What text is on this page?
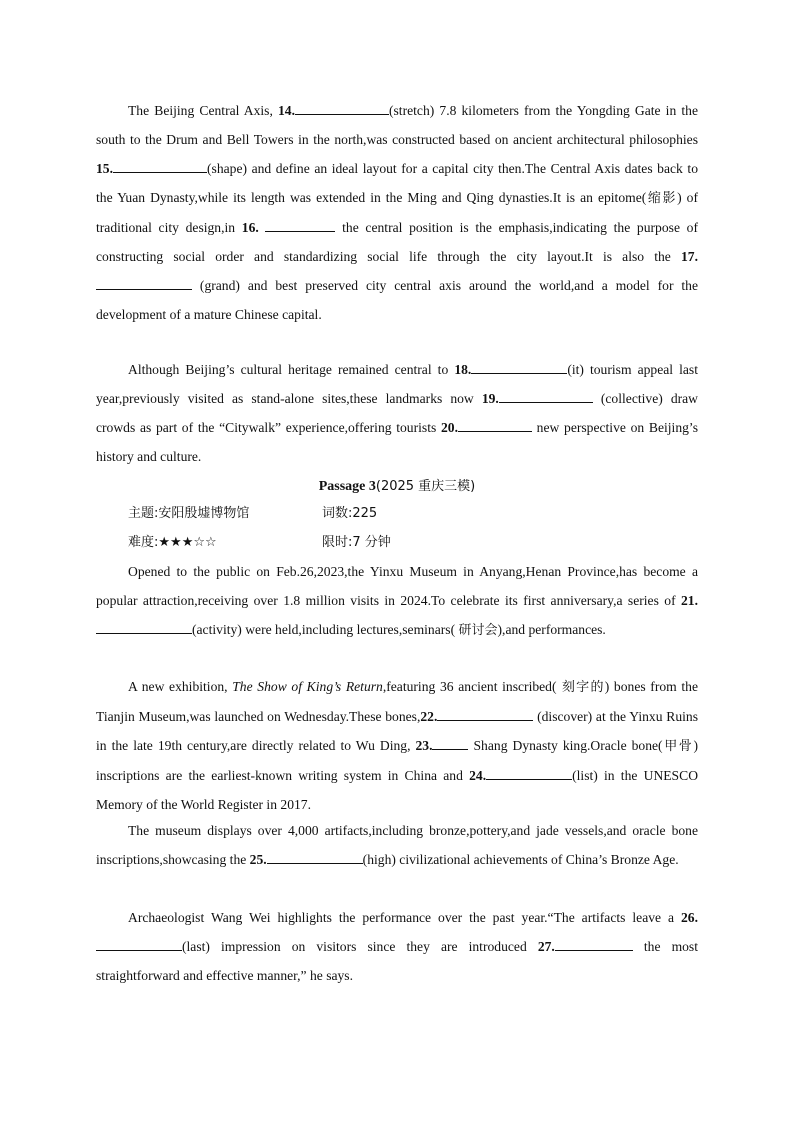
The Beijing Central Axis, 14.	(stretch) 7.8 kilometers from the Yongding Gate in the south to the Drum and Bell Towers in the north,was constructed based on ancient architectural philosophies 15.	(shape) and define an ideal layout for a capital city then.The Central Axis dates back to the Yuan Dynasty,while its length was extended in the Ming and Qing dynasties.It is an epitome(缩影) of traditional city design,in 16.	the central position is the emphasis,indicating the purpose of constructing social order and standardizing social life through the city layout.It is also the 17. (grand) and best preserved city central axis around the world,and a model for the development of a mature Chinese capital.

Although Beijing’s cultural heritage remained central to 18.	(it) tourism appeal last year,previously visited as stand-alone sites,these landmarks now 19.	(collective) draw crowds as part of the “Citywalk” experience,offering tourists 20.	new perspective on Beijing’s history and culture.

Passage 3(2025 重庆三模)
主题:安阳殷墟博物馆	词数:225
难度:★★★☆☆	限时:7 分钟

Opened to the public on Feb.26,2023,the Yinxu Museum in Anyang,Henan Province,has become a popular attraction,receiving over 1.8 million visits in 2024.To celebrate its first anniversary,a series of 21.(activity) were held,including lectures,seminars( 研讨会),and performances.

A new exhibition, The Show of King’s Return,featuring 36 ancient inscribed( 刻字的) bones from the Tianjin Museum,was launched on Wednesday.These bones,22.	(discover) at the Yinxu Ruins in the late 19th century,are directly related to Wu Ding, 23.	Shang Dynasty king.Oracle bone(甲骨) inscriptions are the earliest-known writing system in China and 24.	(list) in the UNESCO Memory of the World Register in 2017.

The museum displays over 4,000 artifacts,including bronze,pottery,and jade vessels,and oracle bone inscriptions,showcasing the 25.	(high) civilizational achievements of China’s Bronze Age.

Archaeologist Wang Wei highlights the performance over the past year.“The artifacts leave a 26.(last) impression on visitors since they are introduced 27.	the most straightforward and effective manner,” he says.
